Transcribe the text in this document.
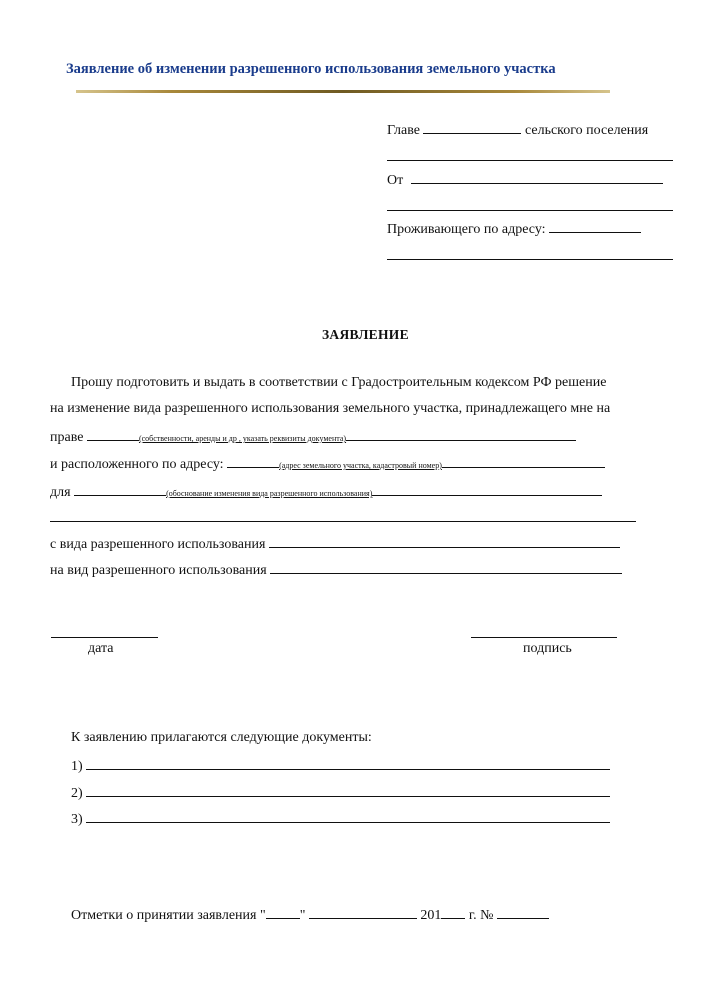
Заявление об изменении разрешенного использования земельного участка
Главе	сельского поселения
От
Проживающего по адресу:
ЗАЯВЛЕНИЕ
Прошу подготовить и выдать в соответствии с Градостроительным кодексом РФ решение
на изменение вида разрешенного использования земельного участка, принадлежащего мне на
праве	(собственности, аренды и др , указать реквизиты документа)
и расположенного по адресу:	(адрес земельного участка, кадастровый номер)
для	(обоснование изменения вида разрешенного использования)
с вида разрешенного использования
на вид разрешенного использования
дата	подпись
К заявлению прилагаются следующие документы:
1)
2)
3)
Отметки о принятии заявления " "	201 г. №
